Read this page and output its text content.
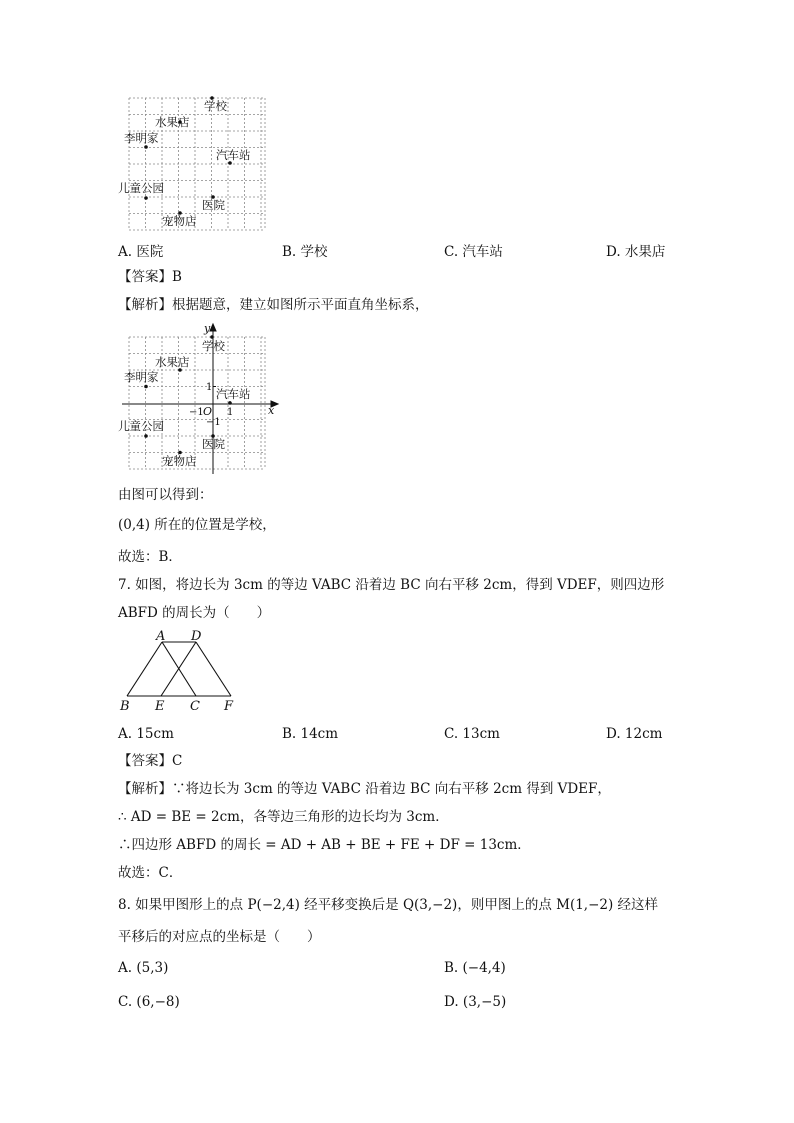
学校
水果店
李明家
汽车站
儿童公园
医院
宠物店
A. 医院	B. 学校	C. 汽车站	D. 水果店
【答案】B
【解析】根据题意，建立如图所示平面直角坐标系，
学校
水果店
李明家
汽车站
儿童公园
医院
宠物店
x
y
O 1
1
−1
−1
由图可以得到：
(0,4) 所在的位置是学校，
故选：B．
7. 如图，将边长为 3cm 的等边 VABC 沿着边 BC 向右平移 2cm，得到 VDEF，则四边形
ABFD 的周长为（　　）
A D
B E C F
A. 15cm	B. 14cm	C. 13cm	D. 12cm
【答案】C
【解析】∵将边长为 3cm 的等边 VABC 沿着边 BC 向右平移 2cm 得到 VDEF，
∴ AD = BE = 2cm，各等边三角形的边长均为 3cm．
∴四边形 ABFD 的周长 = AD + AB + BE + FE + DF = 13cm．
故选：C．
8. 如果甲图形上的点 P(−2,4) 经平移变换后是 Q(3,−2)，则甲图上的点 M(1,−2) 经这样
平移后的对应点的坐标是（　　）
A. (5,3)	B. (−4,4)
C. (6,−8)	D. (3,−5)
